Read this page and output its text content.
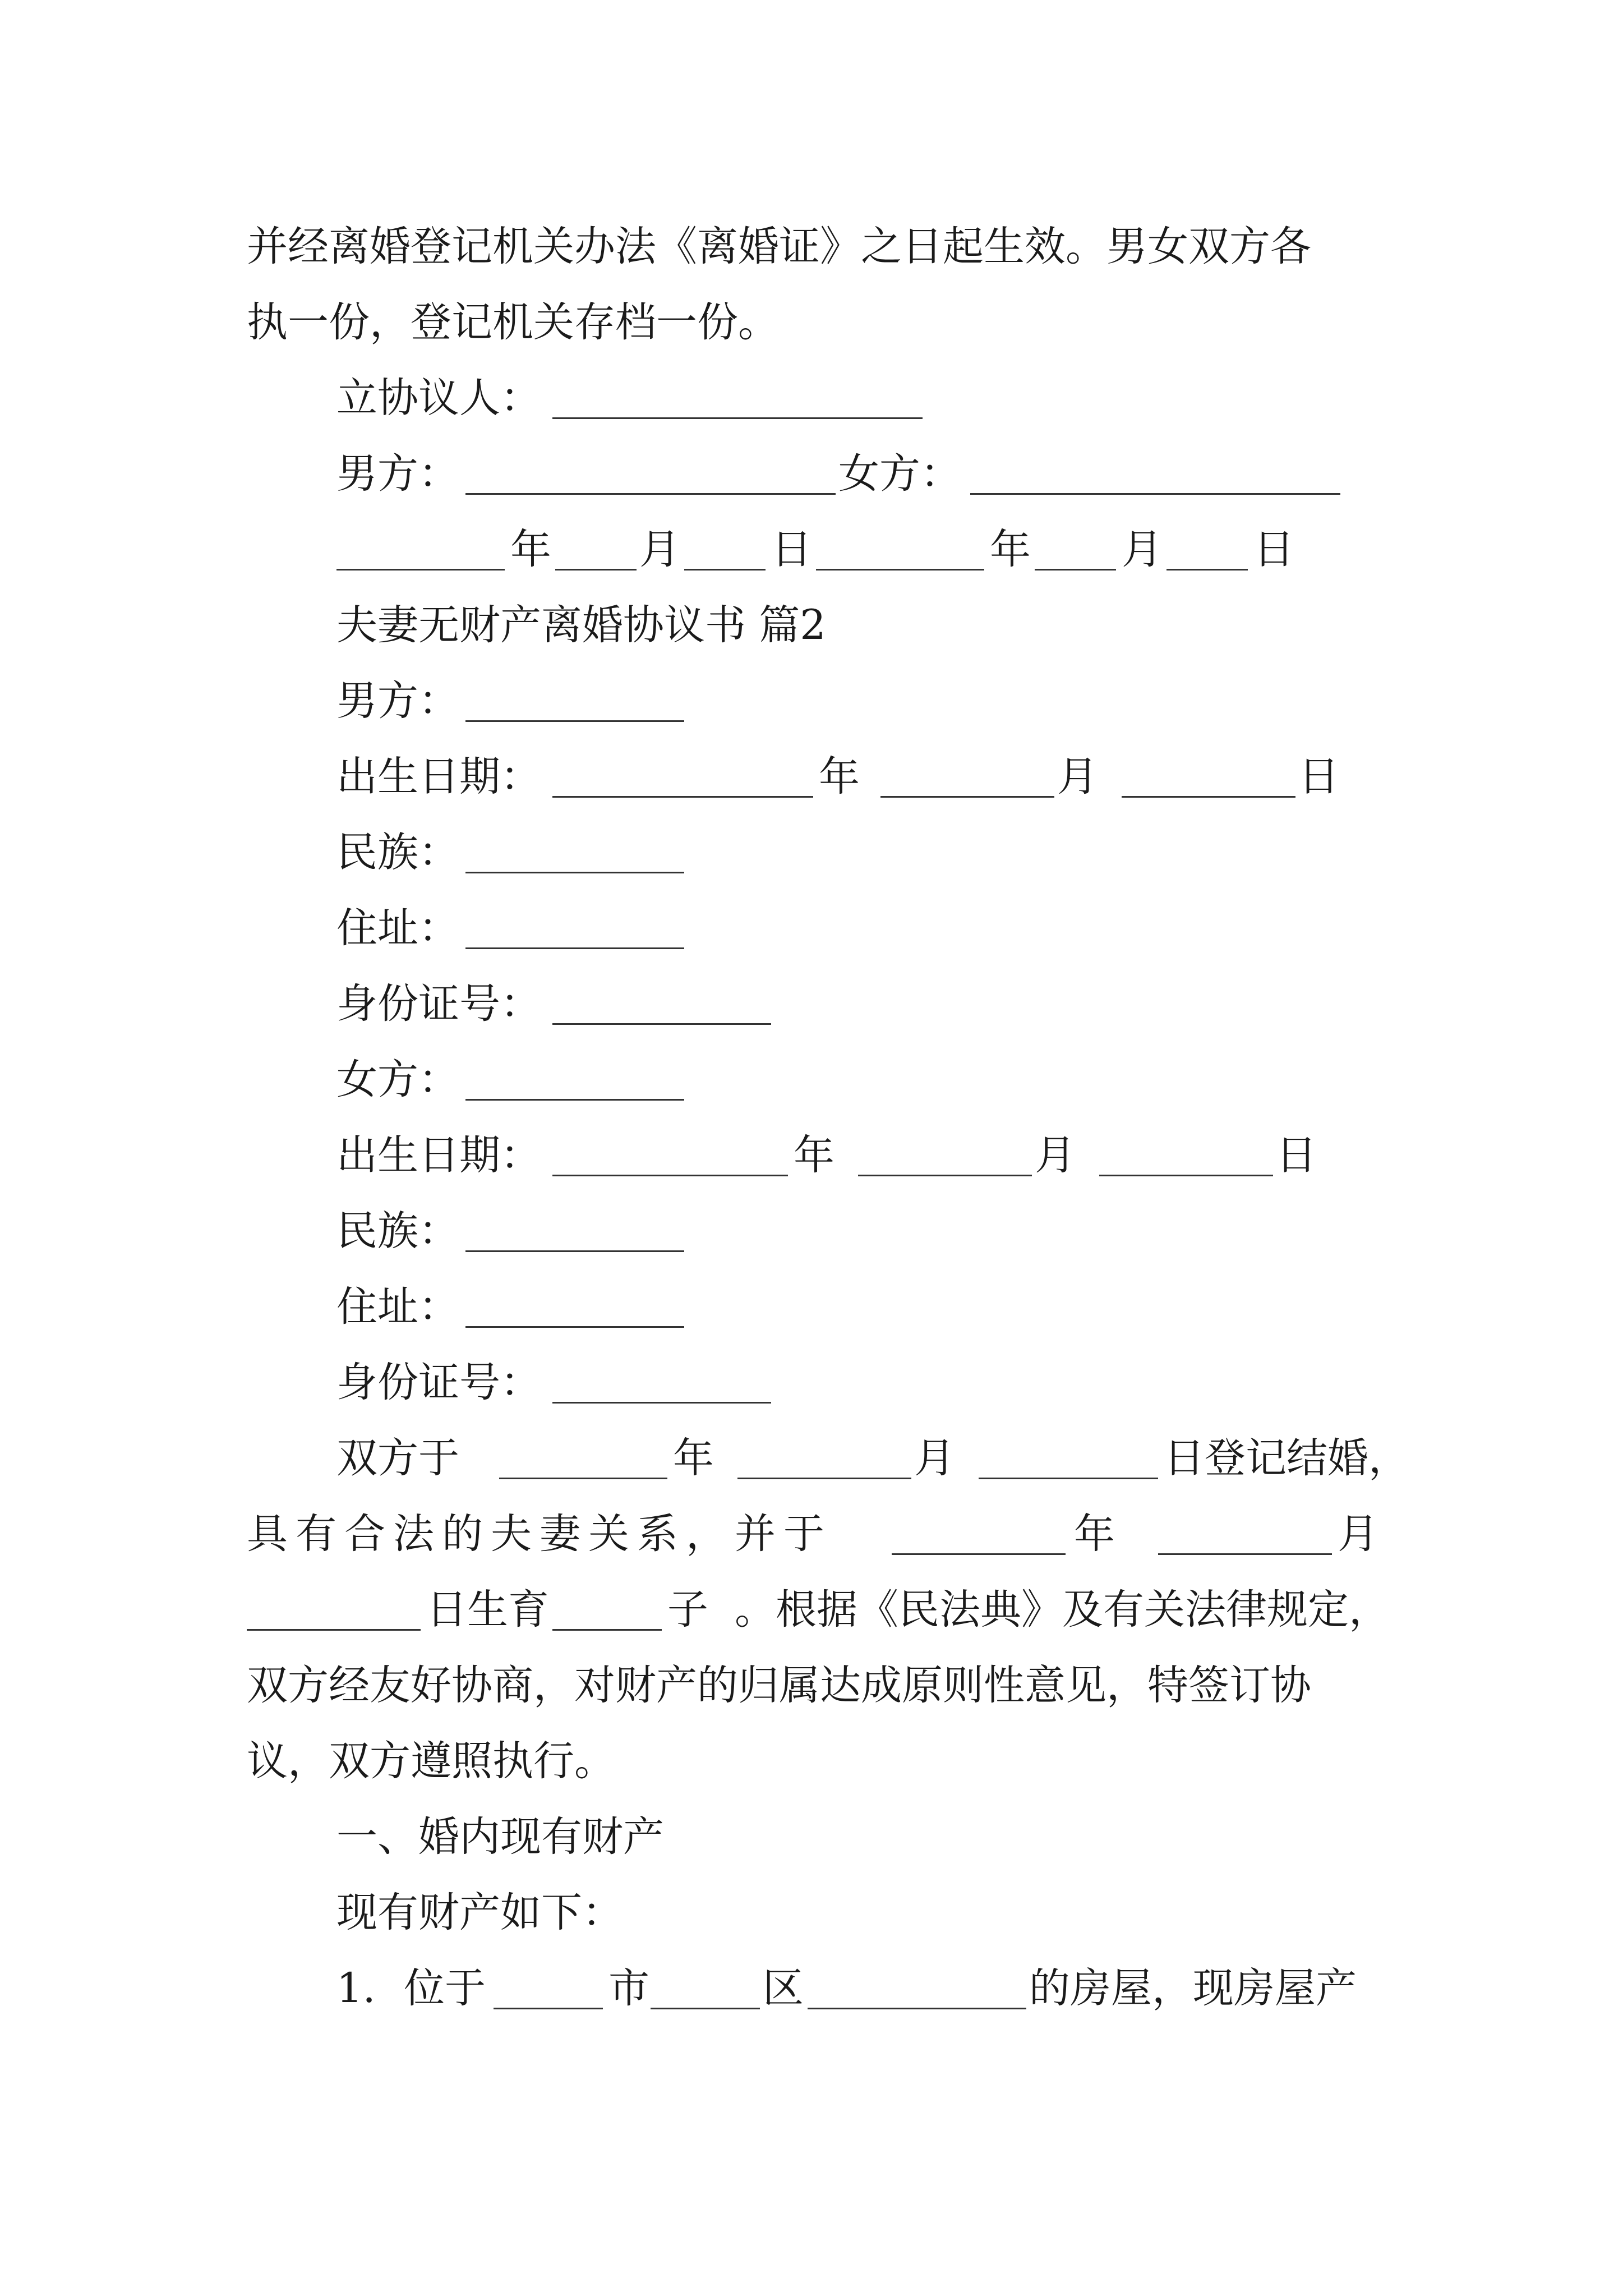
并经离婚登记机关办法《离婚证》之日起生效。男女双方各
执一份，登记机关存档一份。
立协议人：
男方：	女方：
年 月 日	年 月 日
夫妻无财产离婚协议书 篇2
男方：
出生日期：	年	月	日
民族：
住址：
身份证号：
女方：
出生日期：	年	月	日
民族：
住址：
身份证号：
双方于	年	月	日登记结婚，
具有合法的夫妻关系，并于	年	月
日生育	子 。根据《民法典》及有关法律规定，
双方经友好协商，对财产的归属达成原则性意见，特签订协
议，双方遵照执行。
一、婚内现有财产
现有财产如下：
1. 位于	市	区	的房屋，现房屋产
